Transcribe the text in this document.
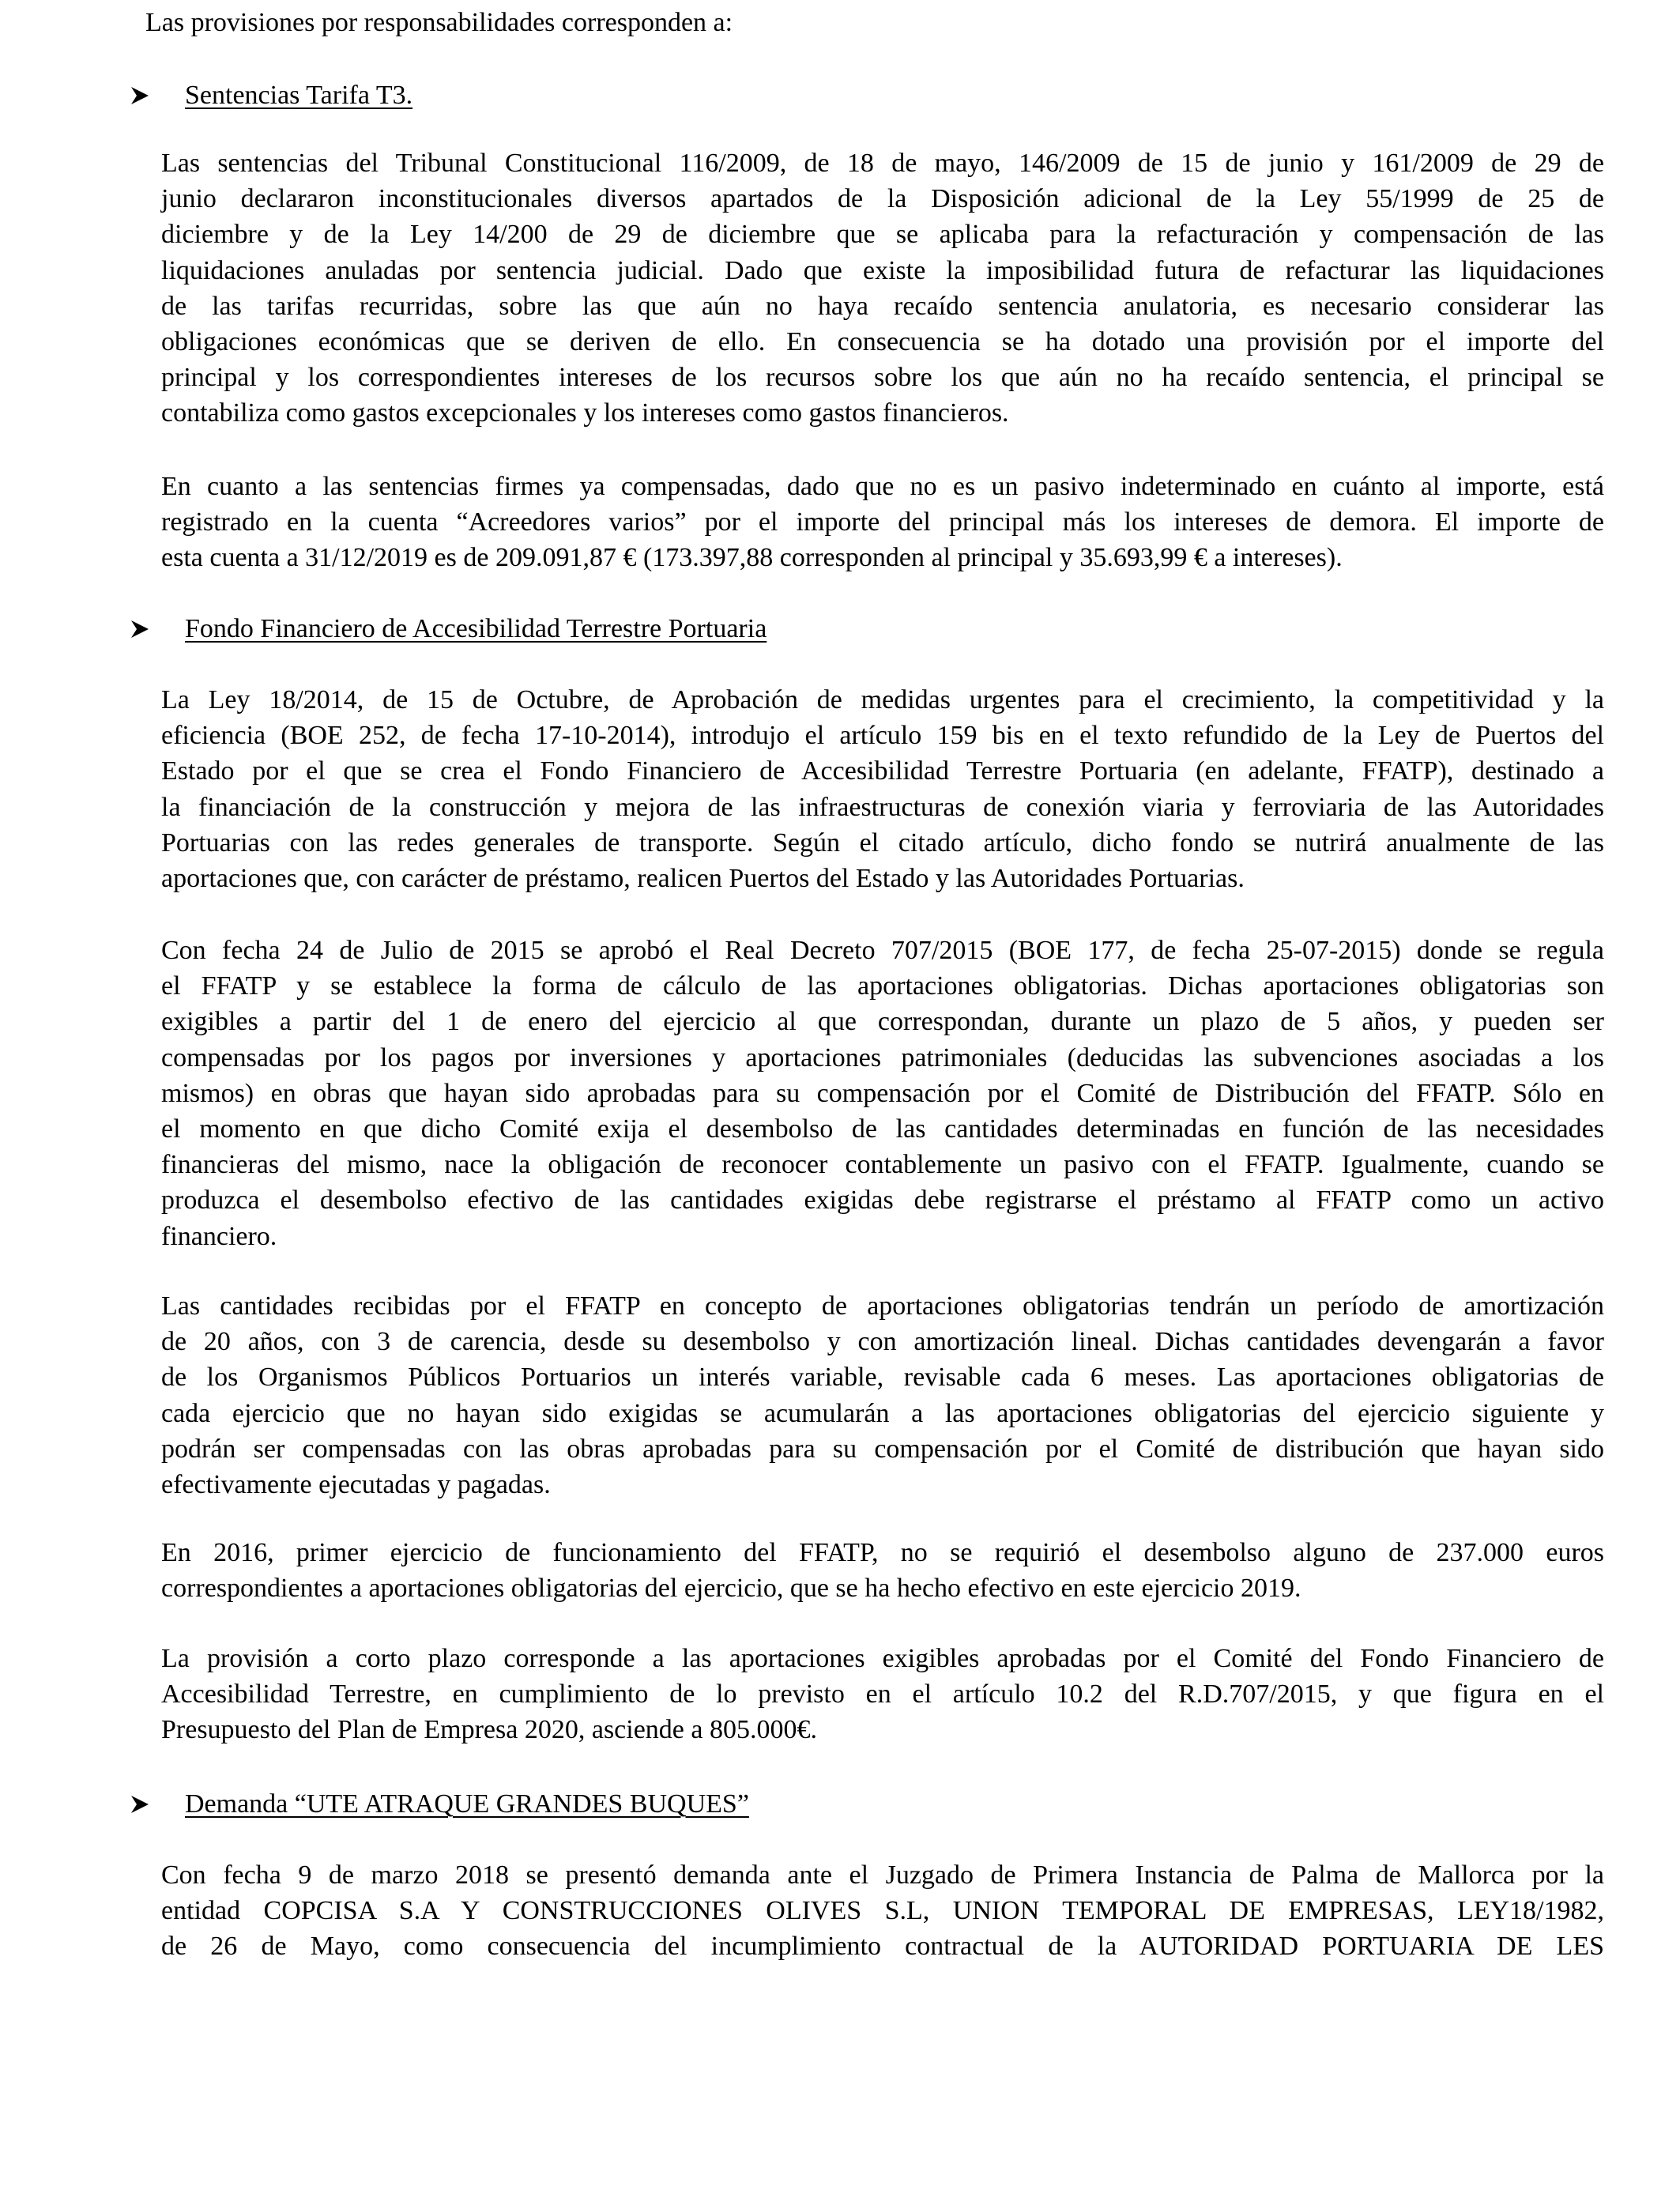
Las provisiones por responsabilidades corresponden a:

Sentencias Tarifa T3.
Las sentencias del Tribunal Constitucional 116/2009, de 18 de mayo, 146/2009 de 15 de junio y 161/2009 de 29 de
junio declararon inconstitucionales diversos apartados de la Disposición adicional de la Ley 55/1999 de 25 de
diciembre y de la Ley 14/200 de 29 de diciembre que se aplicaba para la refacturación y compensación de las
liquidaciones anuladas por sentencia judicial. Dado que existe la imposibilidad futura de refacturar las liquidaciones
de las tarifas recurridas, sobre las que aún no haya recaído sentencia anulatoria, es necesario considerar las
obligaciones económicas que se deriven de ello. En consecuencia se ha dotado una provisión por el importe del
principal y los correspondientes intereses de los recursos sobre los que aún no ha recaído sentencia, el principal se
contabiliza como gastos excepcionales y los intereses como gastos financieros.
En cuanto a las sentencias firmes ya compensadas, dado que no es un pasivo indeterminado en cuánto al importe, está
registrado en la cuenta “Acreedores varios” por el importe del principal más los intereses de demora. El importe de
esta cuenta a 31/12/2019 es de 209.091,87 € (173.397,88 corresponden al principal y 35.693,99 € a intereses).
Fondo Financiero de Accesibilidad Terrestre Portuaria
La Ley 18/2014, de 15 de Octubre, de Aprobación de medidas urgentes para el crecimiento, la competitividad y la
eficiencia (BOE 252, de fecha 17-10-2014), introdujo el artículo 159 bis en el texto refundido de la Ley de Puertos del
Estado por el que se crea el Fondo Financiero de Accesibilidad Terrestre Portuaria (en adelante, FFATP), destinado a
la financiación de la construcción y mejora de las infraestructuras de conexión viaria y ferroviaria de las Autoridades
Portuarias con las redes generales de transporte. Según el citado artículo, dicho fondo se nutrirá anualmente de las
aportaciones que, con carácter de préstamo, realicen Puertos del Estado y las Autoridades Portuarias.
Con fecha 24 de Julio de 2015 se aprobó el Real Decreto 707/2015 (BOE 177, de fecha 25-07-2015) donde se regula
el FFATP y se establece la forma de cálculo de las aportaciones obligatorias. Dichas aportaciones obligatorias son
exigibles a partir del 1 de enero del ejercicio al que correspondan, durante un plazo de 5 años, y pueden ser
compensadas por los pagos por inversiones y aportaciones patrimoniales (deducidas las subvenciones asociadas a los
mismos) en obras que hayan sido aprobadas para su compensación por el Comité de Distribución del FFATP. Sólo en
el momento en que dicho Comité exija el desembolso de las cantidades determinadas en función de las necesidades
financieras del mismo, nace la obligación de reconocer contablemente un pasivo con el FFATP. Igualmente, cuando se
produzca el desembolso efectivo de las cantidades exigidas debe registrarse el préstamo al FFATP como un activo
financiero.
Las cantidades recibidas por el FFATP en concepto de aportaciones obligatorias tendrán un período de amortización
de 20 años, con 3 de carencia, desde su desembolso y con amortización lineal. Dichas cantidades devengarán a favor
de los Organismos Públicos Portuarios un interés variable, revisable cada 6 meses. Las aportaciones obligatorias de
cada ejercicio que no hayan sido exigidas se acumularán a las aportaciones obligatorias del ejercicio siguiente y
podrán ser compensadas con las obras aprobadas para su compensación por el Comité de distribución que hayan sido
efectivamente ejecutadas y pagadas.
En 2016, primer ejercicio de funcionamiento del FFATP, no se requirió el desembolso alguno de 237.000 euros
correspondientes a aportaciones obligatorias del ejercicio, que se ha hecho efectivo en este ejercicio 2019.
La provisión a corto plazo corresponde a las aportaciones exigibles aprobadas por el Comité del Fondo Financiero de
Accesibilidad Terrestre, en cumplimiento de lo previsto en el artículo 10.2 del R.D.707/2015, y que figura en el
Presupuesto del Plan de Empresa 2020, asciende a 805.000€.
Demanda “UTE ATRAQUE GRANDES BUQUES”
Con fecha 9 de marzo 2018 se presentó demanda ante el Juzgado de Primera Instancia de Palma de Mallorca por la
entidad COPCISA S.A Y CONSTRUCCIONES OLIVES S.L, UNION TEMPORAL DE EMPRESAS, LEY18/1982,
de 26 de Mayo, como consecuencia del incumplimiento contractual de la AUTORIDAD PORTUARIA DE LES
